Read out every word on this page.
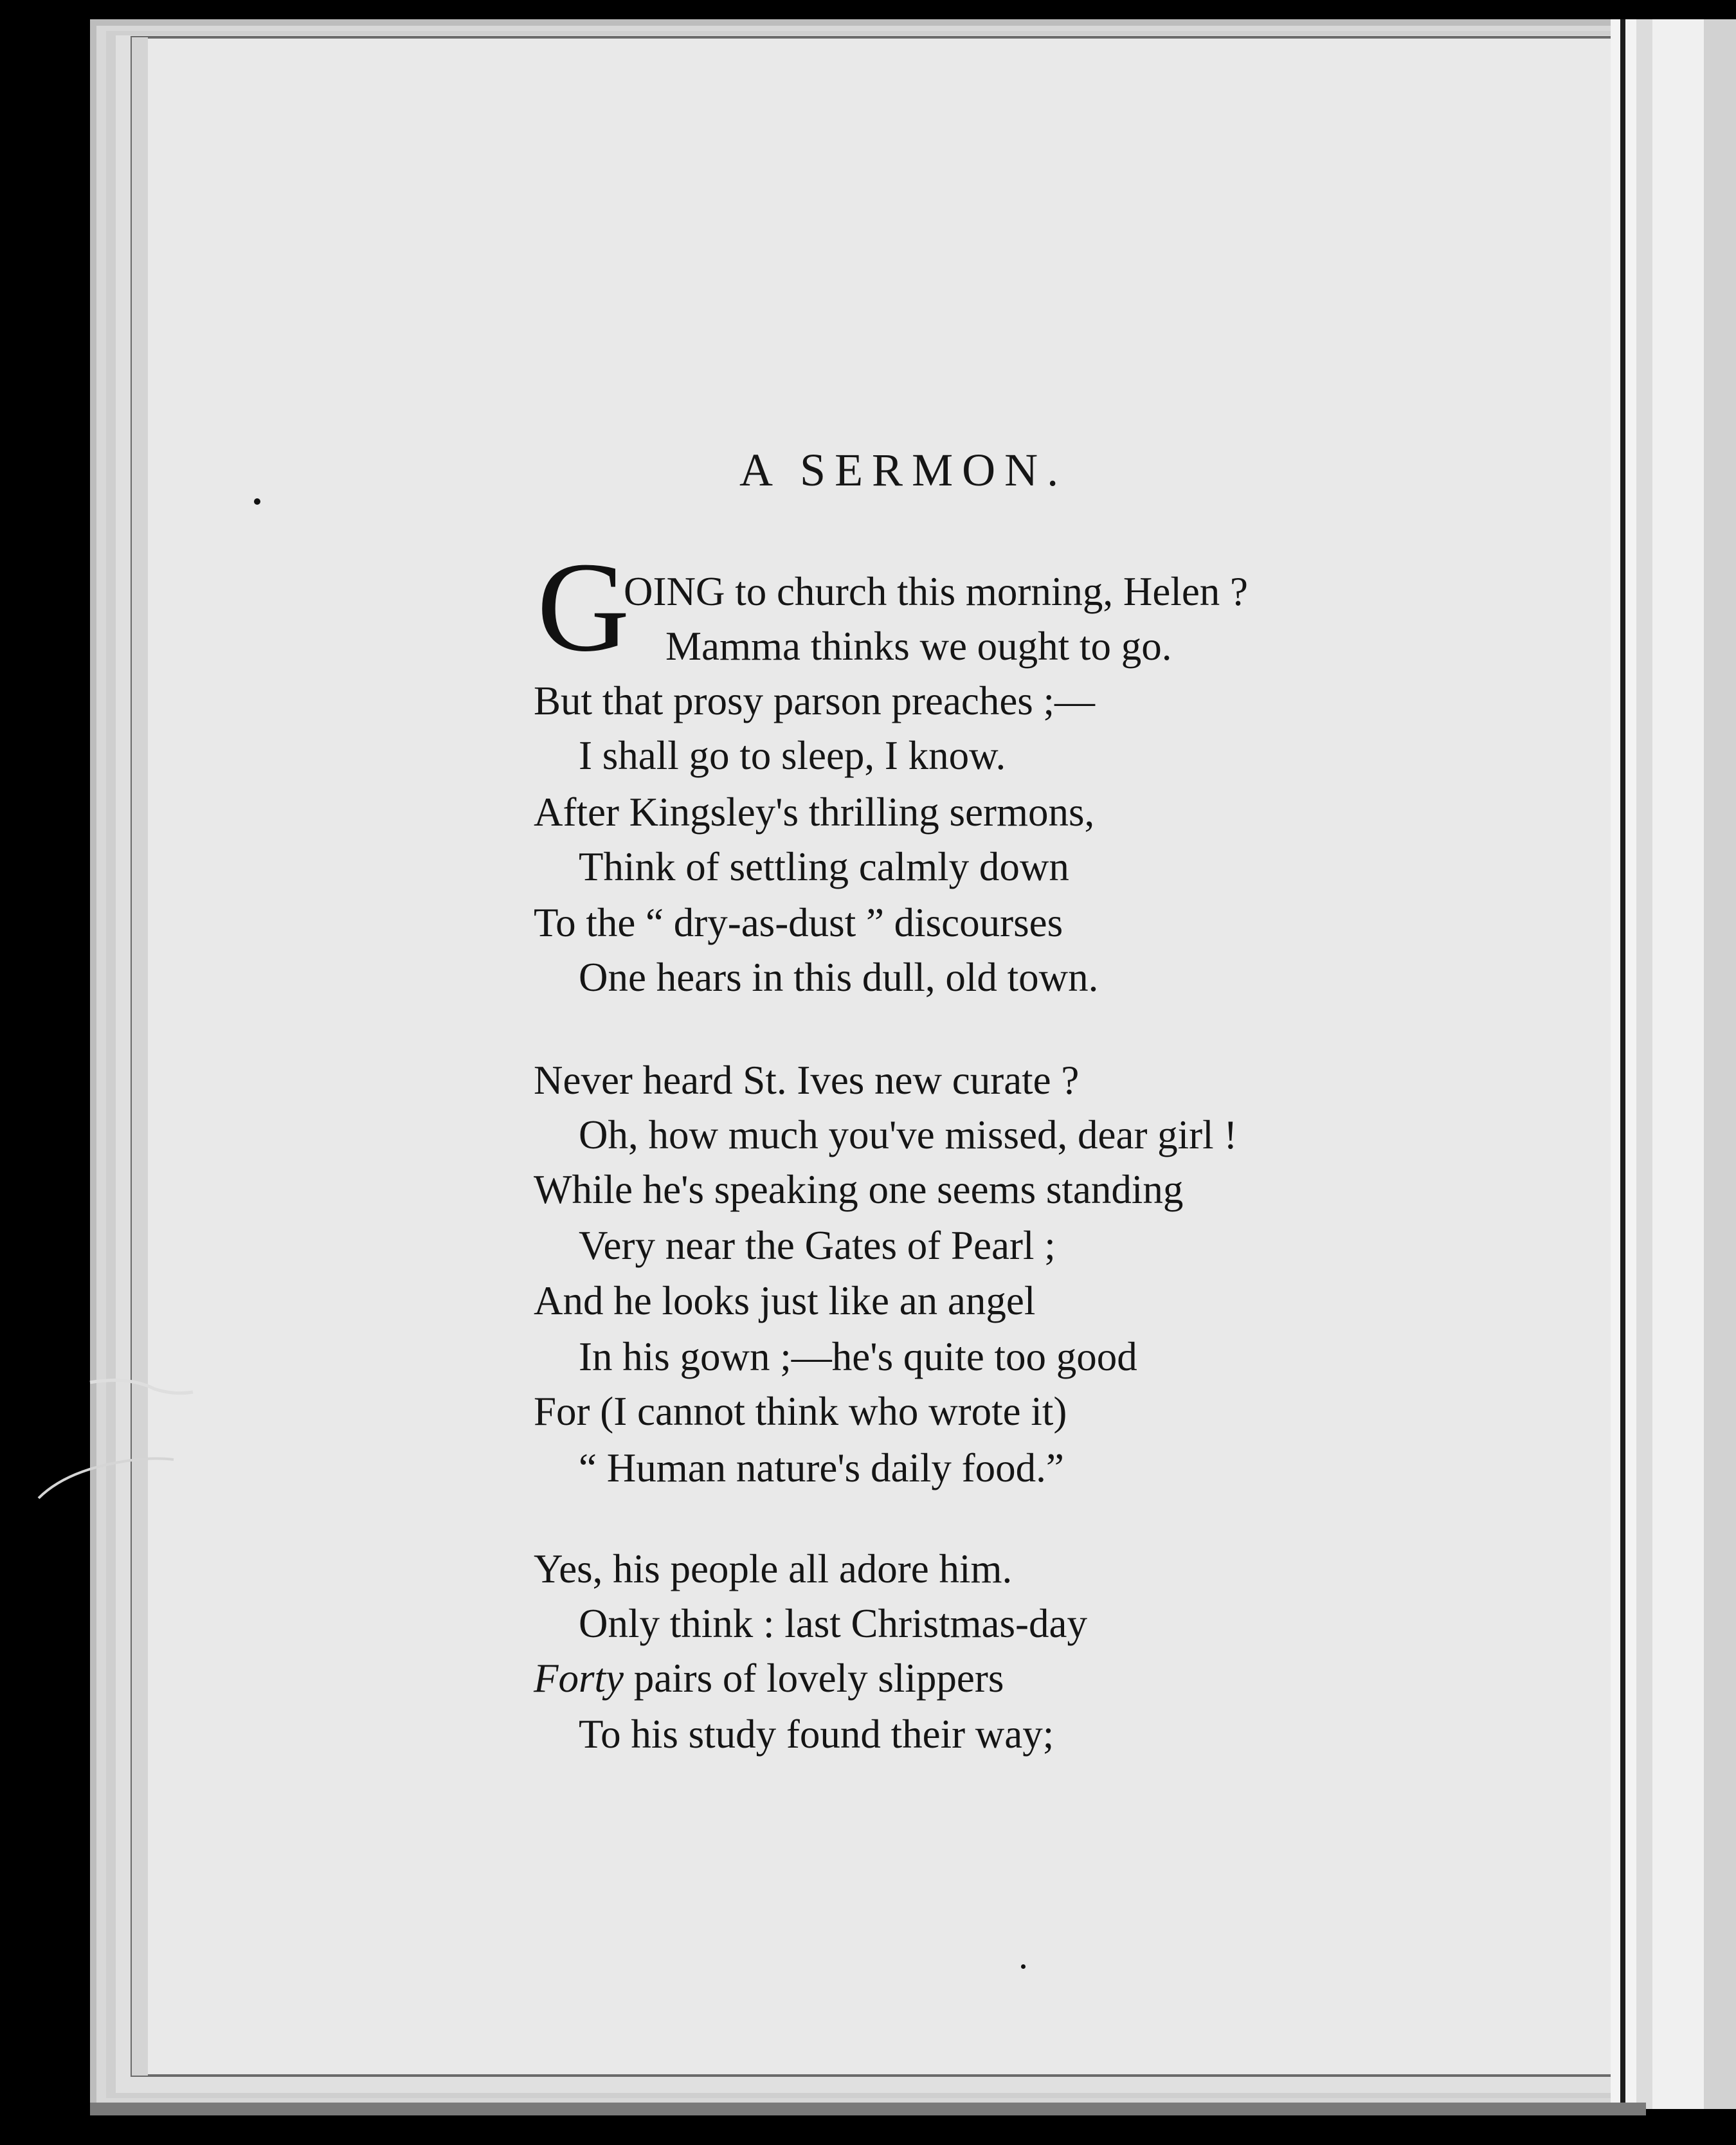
A SERMON.
G
OING to church this morning, Helen ?
Mamma thinks we ought to go.
But that prosy parson preaches ;—
I shall go to sleep, I know.
After Kingsley's thrilling sermons,
Think of settling calmly down
To the “ dry-as-dust ” discourses
One hears in this dull, old town.
Never heard St. Ives new curate ?
Oh, how much you've missed, dear girl !
While he's speaking one seems standing
Very near the Gates of Pearl ;
And he looks just like an angel
In his gown ;—he's quite too good
For (I cannot think who wrote it)
“ Human nature's daily food.”
Yes, his people all adore him.
Only think : last Christmas-day
Forty pairs of lovely slippers
To his study found their way;
